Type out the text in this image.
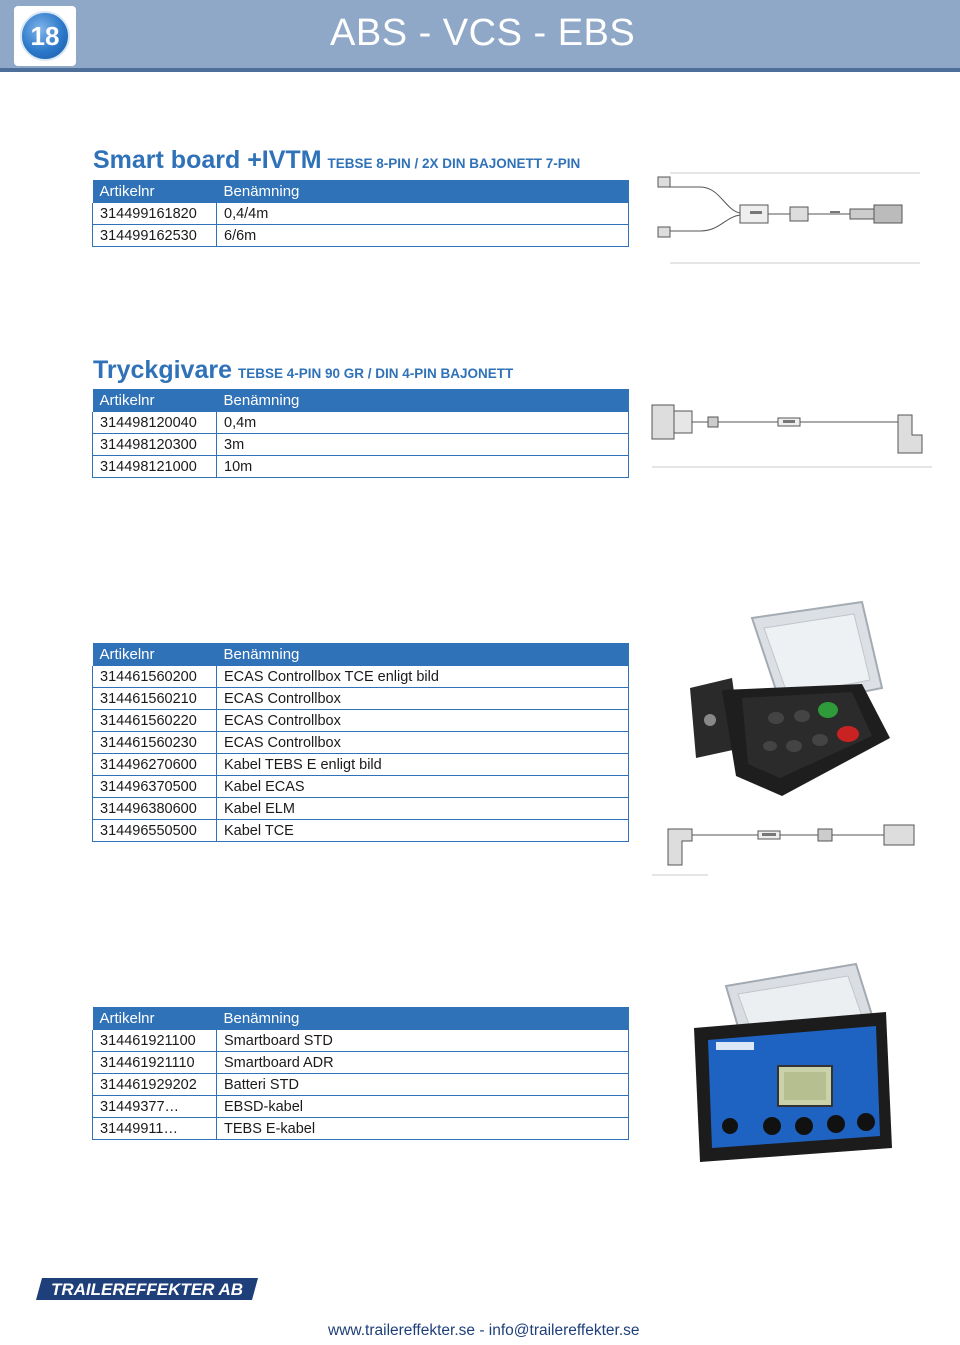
18	ABS - VCS - EBS
Smart board +IVTM TEBSE 8-PIN / 2X DIN BAJONETT 7-PIN
Artikelnr	Benämning
314499161820	0,4/4m
314499162530	6/6m
Tryckgivare TEBSE 4-PIN 90 GR / DIN 4-PIN BAJONETT
Artikelnr	Benämning
314498120040	0,4m
314498120300	3m
314498121000	10m
Artikelnr	Benämning
314461560200	ECAS Controllbox TCE enligt bild
314461560210	ECAS Controllbox
314461560220	ECAS Controllbox
314461560230	ECAS Controllbox
314496270600	Kabel TEBS E enligt bild
314496370500	Kabel ECAS
314496380600	Kabel ELM
314496550500	Kabel TCE
Artikelnr	Benämning
314461921100	Smartboard STD
314461921110	Smartboard ADR
314461929202	Batteri STD
31449377…	EBSD-kabel
31449911…	TEBS E-kabel
TRAILEREFFEKTER AB
www.trailereffekter.se - info@trailereffekter.se
